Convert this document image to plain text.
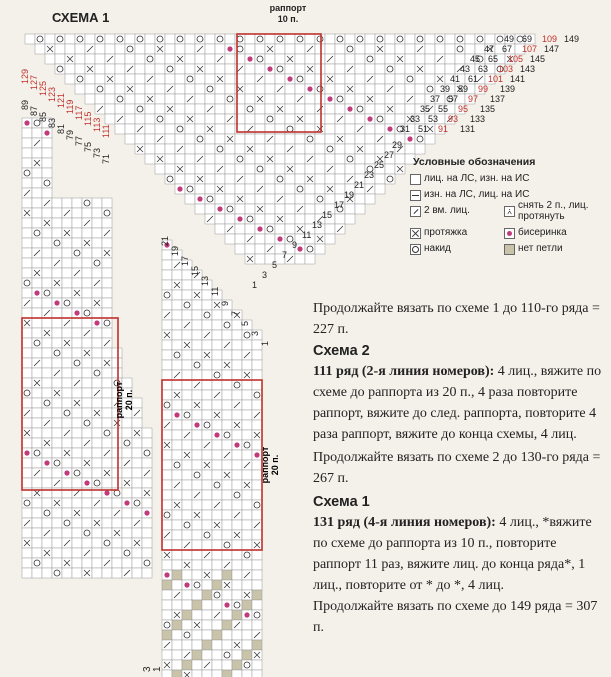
49 69 109 149
47 67 107 147
45 65 105 145
43 63 103 143
41 61 101 141
39 59 99 139
37 57 97 137
35 55 95 135
33 53 93 133
31 51 91 131
29
27
25
23
21
19
17
15
13
11
9
7
5
3
1
89
129
87
127
85
125
83
123
81
121
79
119
77
117
75
115
73
113
71
111
21
19
17
15
13
11
9
7
5
3
1
3 1
раппорт 20 п.
раппорт 20 п.
СХЕМА 1
раппорт
10 п.
Условные обозначения
лиц. на ЛС, изн. на ИС
изн. на ЛС, лиц. на ИС
2 вм. лиц.	⩑ снять 2 п., лиц. протянуть
протяжка	бисеринка
накид	нет петли

Продолжайте вязать по схеме 1 до 110-го ряда = 227 п.

Схема 2

111 ряд (2-я линия номеров): 4 лиц., вяжите по схеме до раппорта из 20 п., 4 раза повторите раппорт, вяжите до след. раппорта, повторите 4 раза раппорт, вяжите до конца схемы, 4 лиц.

Продолжайте вязать по схеме 2 до 130-го ряда = 267 п.

Схема 1

131 ряд (4-я линия номеров): 4 лиц., *вяжите по схеме до раппорта из 10 п., повторите раппорт 11 раз, вяжите лиц. до конца ряда*, 1 лиц., повторите от * до *, 4 лиц.

Продолжайте вязать по схеме до 149 ряда = 307 п.
